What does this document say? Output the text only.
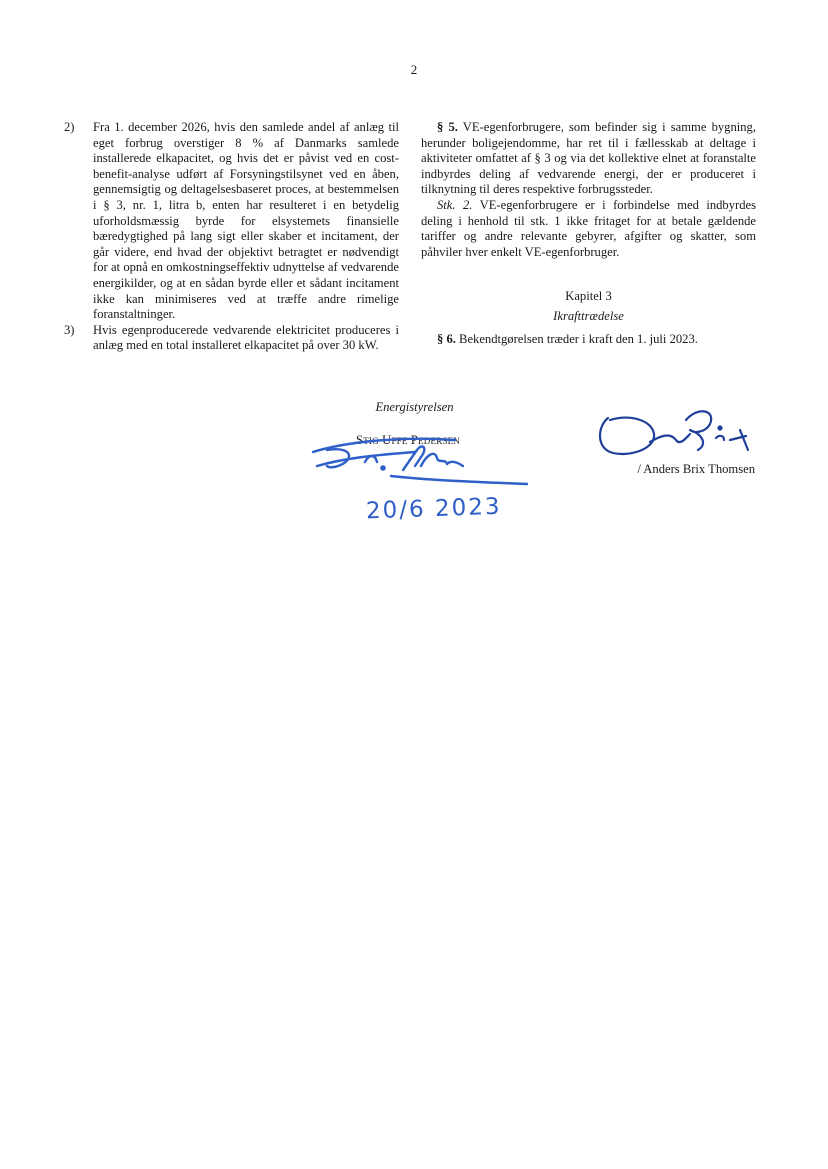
2
2)	Fra 1. december 2026, hvis den samlede andel af anlæg til eget forbrug overstiger 8 % af Danmarks samlede installerede elkapacitet, og hvis det er påvist ved en cost-benefit-analyse udført af Forsyningstilsynet ved en åben, gennemsigtig og deltagelsesbaseret proces, at bestemmelsen i § 3, nr. 1, litra b, enten har resulteret i en betydelig uforholdsmæssig byrde for elsystemets finansielle bæredygtighed på lang sigt eller skaber et incitament, der går videre, end hvad der objektivt betragtet er nødvendigt for at opnå en omkostningseffektiv udnyttelse af vedvarende energikilder, og at en sådan byrde eller et sådant incitament ikke kan minimiseres ved at træffe andre rimelige foranstaltninger.
3)	Hvis egenproducerede vedvarende elektricitet produceres i anlæg med en total installeret elkapacitet på over 30 kW.

§ 5. VE-egenforbrugere, som befinder sig i samme bygning, herunder boligejendomme, har ret til i fællesskab at deltage i aktiviteter omfattet af § 3 og via det kollektive elnet at foranstalte indbyrdes deling af vedvarende energi, der er produceret i tilknytning til deres respektive forbrugssteder.

Stk. 2. VE-egenforbrugere er i forbindelse med indbyrdes deling i henhold til stk. 1 ikke fritaget for at betale gældende tariffer og andre relevante gebyrer, afgifter og skatter, som påhviler hver enkelt VE-egenforbruger.

Kapitel 3
Ikrafttrædelse
§ 6. Bekendtgørelsen træder i kraft den 1. juli 2023.
Energistyrelsen
Stig Uffe Pedersen
20/6 2023
/ Anders Brix Thomsen
